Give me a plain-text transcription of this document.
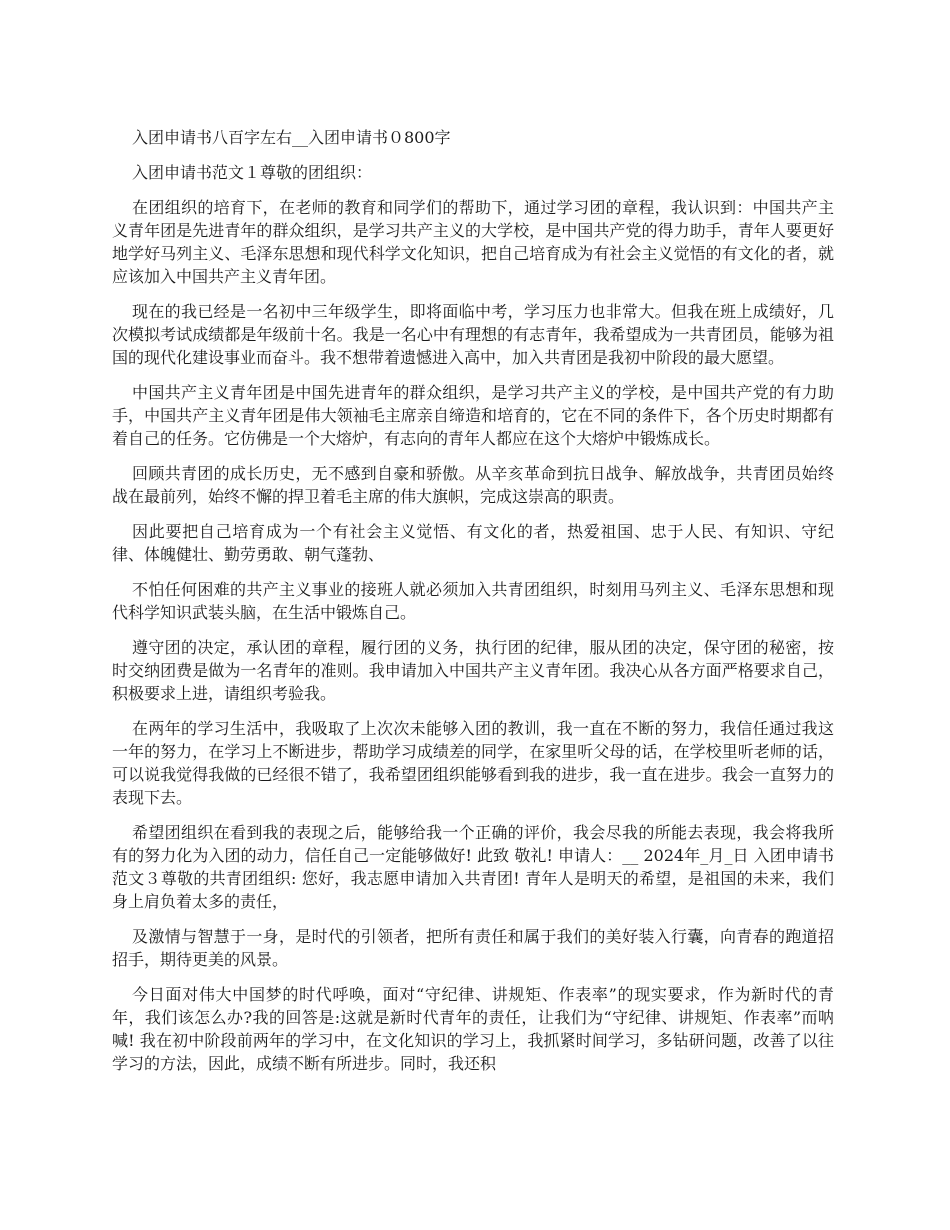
入团申请书八百字左右__入团申请书０800字

入团申请书范文１尊敬的团组织：

在团组织的培育下，在老师的教育和同学们的帮助下，通过学习团的章程，我认识到：中国共产主义青年团是先进青年的群众组织，是学习共产主义的大学校，是中国共产党的得力助手，青年人要更好地学好马列主义、毛泽东思想和现代科学文化知识，把自己培育成为有社会主义觉悟的有文化的者，就应该加入中国共产主义青年团。

现在的我已经是一名初中三年级学生，即将面临中考，学习压力也非常大。但我在班上成绩好，几次模拟考试成绩都是年级前十名。我是一名心中有理想的有志青年，我希望成为一共青团员，能够为祖国的现代化建设事业而奋斗。我不想带着遗憾进入高中，加入共青团是我初中阶段的最大愿望。

中国共产主义青年团是中国先进青年的群众组织，是学习共产主义的学校，是中国共产党的有力助手，中国共产主义青年团是伟大领袖毛主席亲自缔造和培育的，它在不同的条件下，各个历史时期都有着自己的任务。它仿佛是一个大熔炉，有志向的青年人都应在这个大熔炉中锻炼成长。

回顾共青团的成长历史，无不感到自豪和骄傲。从辛亥革命到抗日战争、解放战争，共青团员始终战在最前列，始终不懈的捍卫着毛主席的伟大旗帜，完成这崇高的职责。

因此要把自己培育成为一个有社会主义觉悟、有文化的者，热爱祖国、忠于人民、有知识、守纪律、体魄健壮、勤劳勇敢、朝气蓬勃、

不怕任何困难的共产主义事业的接班人就必须加入共青团组织，时刻用马列主义、毛泽东思想和现代科学知识武装头脑，在生活中锻炼自己。

遵守团的决定，承认团的章程，履行团的义务，执行团的纪律，服从团的决定，保守团的秘密，按时交纳团费是做为一名青年的准则。我申请加入中国共产主义青年团。我决心从各方面严格要求自己，积极要求上进，请组织考验我。

在两年的学习生活中，我吸取了上次次未能够入团的教训，我一直在不断的努力，我信任通过我这一年的努力，在学习上不断进步，帮助学习成绩差的同学，在家里听父母的话，在学校里听老师的话，可以说我觉得我做的已经很不错了，我希望团组织能够看到我的进步，我一直在进步。我会一直努力的表现下去。

希望团组织在看到我的表现之后，能够给我一个正确的评价，我会尽我的所能去表现，我会将我所有的努力化为入团的动力，信任自己一定能够做好! 此致 敬礼! 申请人：__ 2024年_月_日 入团申请书范文３尊敬的共青团组织: 您好，我志愿申请加入共青团! 青年人是明天的希望，是祖国的未来，我们身上肩负着太多的责任，

及激情与智慧于一身，是时代的引领者，把所有责任和属于我们的美好装入行囊，向青春的跑道招招手，期待更美的风景。

今日面对伟大中国梦的时代呼唤，面对“守纪律、讲规矩、作表率”的现实要求，作为新时代的青年，我们该怎么办?我的回答是:这就是新时代青年的责任，让我们为“守纪律、讲规矩、作表率”而呐喊! 我在初中阶段前两年的学习中，在文化知识的学习上，我抓紧时间学习，多钻研问题，改善了以往学习的方法，因此，成绩不断有所进步。同时，我还积
